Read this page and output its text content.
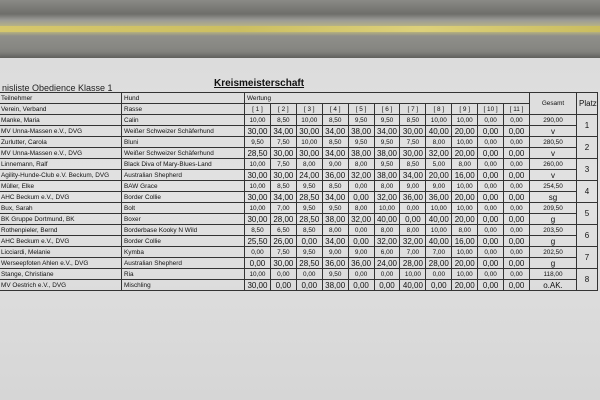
nisliste Obedience Klasse 1	Kreismeisterschaft
Teilnehmer	Hund	Wertung											Gesamt	Platz
Verein, Verband	Rasse	[ 1 ]	[ 2 ]	[ 3 ]	[ 4 ]	[ 5 ]	[ 6 ]	[ 7 ]	[ 8 ]	[ 9 ]	[ 10 ]	[ 11 ]		
Manke, Maria	Calin	10,00	8,50	10,00	8,50	9,50	9,50	8,50	10,00	10,00	0,00	0,00	290,00	1
MV Unna-Massen e.V., DVG	Weißer Schweizer Schäferhund	30,00	34,00	30,00	34,00	38,00	34,00	30,00	40,00	20,00	0,00	0,00	v	
Zurlutter, Carola	Bluni	9,50	7,50	10,00	8,50	9,50	9,50	7,50	8,00	10,00	0,00	0,00	280,50	2
MV Unna-Massen e.V., DVG	Weißer Schweizer Schäferhund	28,50	30,00	30,00	34,00	38,00	38,00	30,00	32,00	20,00	0,00	0,00	v	
Linnemann, Ralf	Black Diva of Mary-Blues-Land	10,00	7,50	8,00	9,00	8,00	9,50	8,50	5,00	8,00	0,00	0,00	260,00	3
Agility-Hunde-Club e.V. Beckum, DVG	Australian Shepherd	30,00	30,00	24,00	36,00	32,00	38,00	34,00	20,00	16,00	0,00	0,00	v	
Müller, Elke	BAW Grace	10,00	8,50	9,50	8,50	0,00	8,00	9,00	9,00	10,00	0,00	0,00	254,50	4
AHC Beckum e.V., DVG	Border Collie	30,00	34,00	28,50	34,00	0,00	32,00	36,00	36,00	20,00	0,00	0,00	sg	
Bux, Sarah	Bolt	10,00	7,00	9,50	9,50	8,00	10,00	0,00	10,00	10,00	0,00	0,00	209,50	5
BK Gruppe Dortmund, BK	Boxer	30,00	28,00	28,50	38,00	32,00	40,00	0,00	40,00	20,00	0,00	0,00	g	
Rothenpieler, Bernd	Borderbase Kooky N Wild	8,50	6,50	8,50	8,00	0,00	8,00	8,00	10,00	8,00	0,00	0,00	203,50	6
AHC Beckum e.V., DVG	Border Collie	25,50	26,00	0,00	34,00	0,00	32,00	32,00	40,00	16,00	0,00	0,00	g	
Licciardi, Melanie	Kymba	0,00	7,50	9,50	9,00	9,00	6,00	7,00	7,00	10,00	0,00	0,00	202,50	7
Werseepfoten Ahlen e.V., DVG	Australian Shepherd	0,00	30,00	28,50	36,00	36,00	24,00	28,00	28,00	20,00	0,00	0,00	g	
Stange, Christiane	Ria	10,00	0,00	0,00	9,50	0,00	0,00	10,00	0,00	10,00	0,00	0,00	118,00	8
MV Oestrich e.V., DVG	Mischling	30,00	0,00	0,00	38,00	0,00	0,00	40,00	0,00	20,00	0,00	0,00	o.AK.	
